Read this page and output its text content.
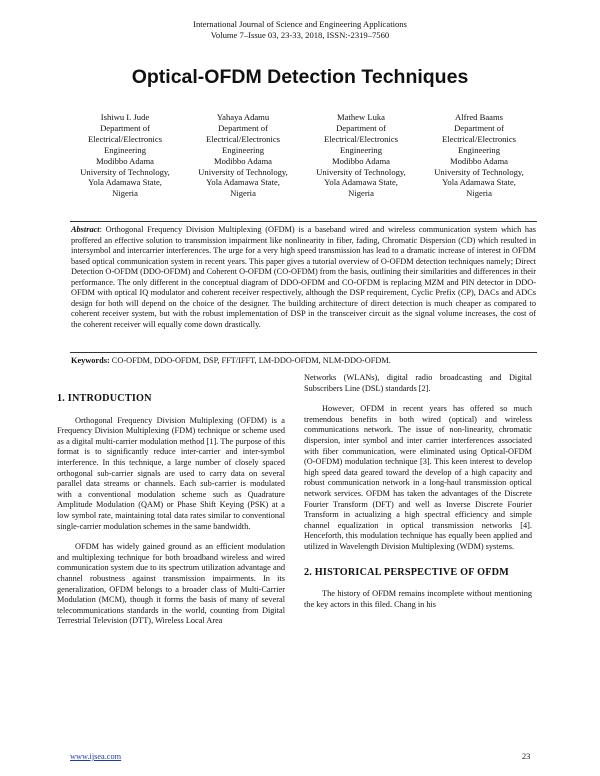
International Journal of Science and Engineering Applications
Volume 7–Issue 03, 23-33, 2018, ISSN:-2319–7560
Optical-OFDM Detection Techniques
Ishiwu I. Jude
Department of
Electrical/Electronics
Engineering
Modibbo Adama
University of Technology,
Yola Adamawa State,
Nigeria
Yahaya Adamu
Department of
Electrical/Electronics
Engineering
Modibbo Adama
University of Technology,
Yola Adamawa State,
Nigeria
Mathew Luka
Department of
Electrical/Electronics
Engineering
Modibbo Adama
University of Technology,
Yola Adamawa State,
Nigeria
Alfred Baams
Department of
Electrical/Electronics
Engineering
Modibbo Adama
University of Technology,
Yola Adamawa State,
Nigeria

Abstract: Orthogonal Frequency Division Multiplexing (OFDM) is a baseband wired and wireless communication system which has proffered an effective solution to transmission impairment like nonlinearity in fiber, fading, Chromatic Dispersion (CD) which resulted in intersymbol and intercarrier interferences. The urge for a very high speed transmission has lead to a dramatic increase of interest in OFDM based optical communication system in recent years. This paper gives a tutorial overview of O-OFDM detection techniques namely; Direct Detection O-OFDM (DDO-OFDM) and Coherent O-OFDM (CO-OFDM) from the basis, outlining their similarities and differences in their performance. The only different in the conceptual diagram of DDO-OFDM and CO-OFDM is replacing MZM and PIN detector in DDO-OFDM with optical IQ modulator and coherent receiver respectively, although the DSP requirement, Cyclic Prefix (CP), DACs and ADCs design for both will depend on the choice of the designer. The building architecture of direct detection is much cheaper as compared to coherent receiver system, but with the robust implementation of DSP in the transceiver circuit as the signal volume increases, the cost of the coherent receiver will equally come down drastically.

Keywords: CO-OFDM, DDO-OFDM, DSP, FFT/IFFT, LM-DDO-OFDM, NLM-DDO-OFDM.

1. INTRODUCTION

Orthogonal Frequency Division Multiplexing (OFDM) is a Frequency Division Multiplexing (FDM) technique or scheme used as a digital multi-carrier modulation method [1]. The purpose of this format is to significantly reduce inter-carrier and inter-symbol interference. In this technique, a large number of closely spaced orthogonal sub-carrier signals are used to carry data on several parallel data streams or channels. Each sub-carrier is modulated with a conventional modulation scheme such as Quadrature Amplitude Modulation (QAM) or Phase Shift Keying (PSK) at a low symbol rate, maintaining total data rates similar to conventional single-carrier modulation schemes in the same bandwidth.

OFDM has widely gained ground as an efficient modulation and multiplexing technique for both broadband wireless and wired communication system due to its spectrum utilization advantage and channel robustness against transmission impairments. In its generalization, OFDM belongs to a broader class of Multi-Carrier Modulation (MCM), though it forms the basis of many of several telecommunications standards in the world, counting from Digital Terrestrial Television (DTT), Wireless Local Area

Networks (WLANs), digital radio broadcasting and Digital Subscribers Line (DSL) standards [2].

However, OFDM in recent years has offered so much tremendous benefits in both wired (optical) and wireless communications network. The issue of non-linearity, chromatic dispersion, inter symbol and inter carrier interferences associated with fiber communication, were eliminated using Optical-OFDM (O-OFDM) modulation technique [3]. This keen interest to develop high speed data geared toward the develop of a high capacity and robust communication network in a long-haul transmission optical network services. OFDM has taken the advantages of the Discrete Fourier Transform (DFT) and well as Inverse Discrete Fourier Transform in actualizing a high spectral efficiency and simple channel equalization in optical transmission networks [4]. Henceforth, this modulation technique has equally been applied and utilized in Wavelength Division Multiplexing (WDM) systems.

2. HISTORICAL PERSPECTIVE OF OFDM

The history of OFDM remains incomplete without mentioning the key actors in this filed. Chang in his

www.ijsea.com	23
